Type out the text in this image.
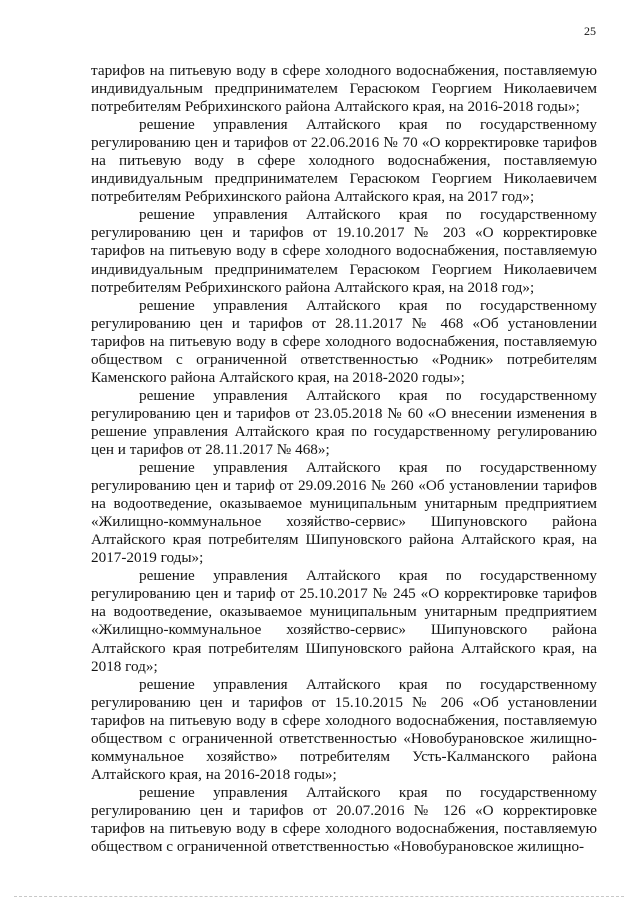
25

тарифов на питьевую воду в сфере холодного водоснабжения, поставляемую индивидуальным предпринимателем Герасюком Георгием Николаевичем потребителям Ребрихинского района Алтайского края, на 2016-2018 годы»;

решение управления Алтайского края по государственному регулированию цен и тарифов от 22.06.2016 № 70 «О корректировке тарифов на питьевую воду в сфере холодного водоснабжения, поставляемую индивидуальным предпринимателем Герасюком Георгием Николаевичем потребителям Ребрихинского района Алтайского края, на 2017 год»;

решение управления Алтайского края по государственному регулированию цен и тарифов от 19.10.2017 № 203 «О корректировке тарифов на питьевую воду в сфере холодного водоснабжения, поставляемую индивидуальным предпринимателем Герасюком Георгием Николаевичем потребителям Ребрихинского района Алтайского края, на 2018 год»;

решение управления Алтайского края по государственному регулированию цен и тарифов от 28.11.2017 № 468 «Об установлении тарифов на питьевую воду в сфере холодного водоснабжения, поставляемую обществом с ограниченной ответственностью «Родник» потребителям Каменского района Алтайского края, на 2018-2020 годы»;

решение управления Алтайского края по государственному регулированию цен и тарифов от 23.05.2018 № 60 «О внесении изменения в решение управления Алтайского края по государственному регулированию цен и тарифов от 28.11.2017 № 468»;

решение управления Алтайского края по государственному регулированию цен и тариф от 29.09.2016 № 260 «Об установлении тарифов на водоотведение, оказываемое муниципальным унитарным предприятием «Жилищно-коммунальное хозяйство-сервис» Шипуновского района Алтайского края потребителям Шипуновского района Алтайского края, на 2017-2019 годы»;

решение управления Алтайского края по государственному регулированию цен и тариф от 25.10.2017 № 245 «О корректировке тарифов на водоотведение, оказываемое муниципальным унитарным предприятием «Жилищно-коммунальное хозяйство-сервис» Шипуновского района Алтайского края потребителям Шипуновского района Алтайского края, на 2018 год»;

решение управления Алтайского края по государственному регулированию цен и тарифов от 15.10.2015 № 206 «Об установлении тарифов на питьевую воду в сфере холодного водоснабжения, поставляемую обществом с ограниченной ответственностью «Новобурановское жилищно-коммунальное хозяйство» потребителям Усть-Калманского района Алтайского края, на 2016-2018 годы»;

решение управления Алтайского края по государственному регулированию цен и тарифов от 20.07.2016 № 126 «О корректировке тарифов на питьевую воду в сфере холодного водоснабжения, поставляемую обществом с ограниченной ответственностью «Новобурановское жилищно-
